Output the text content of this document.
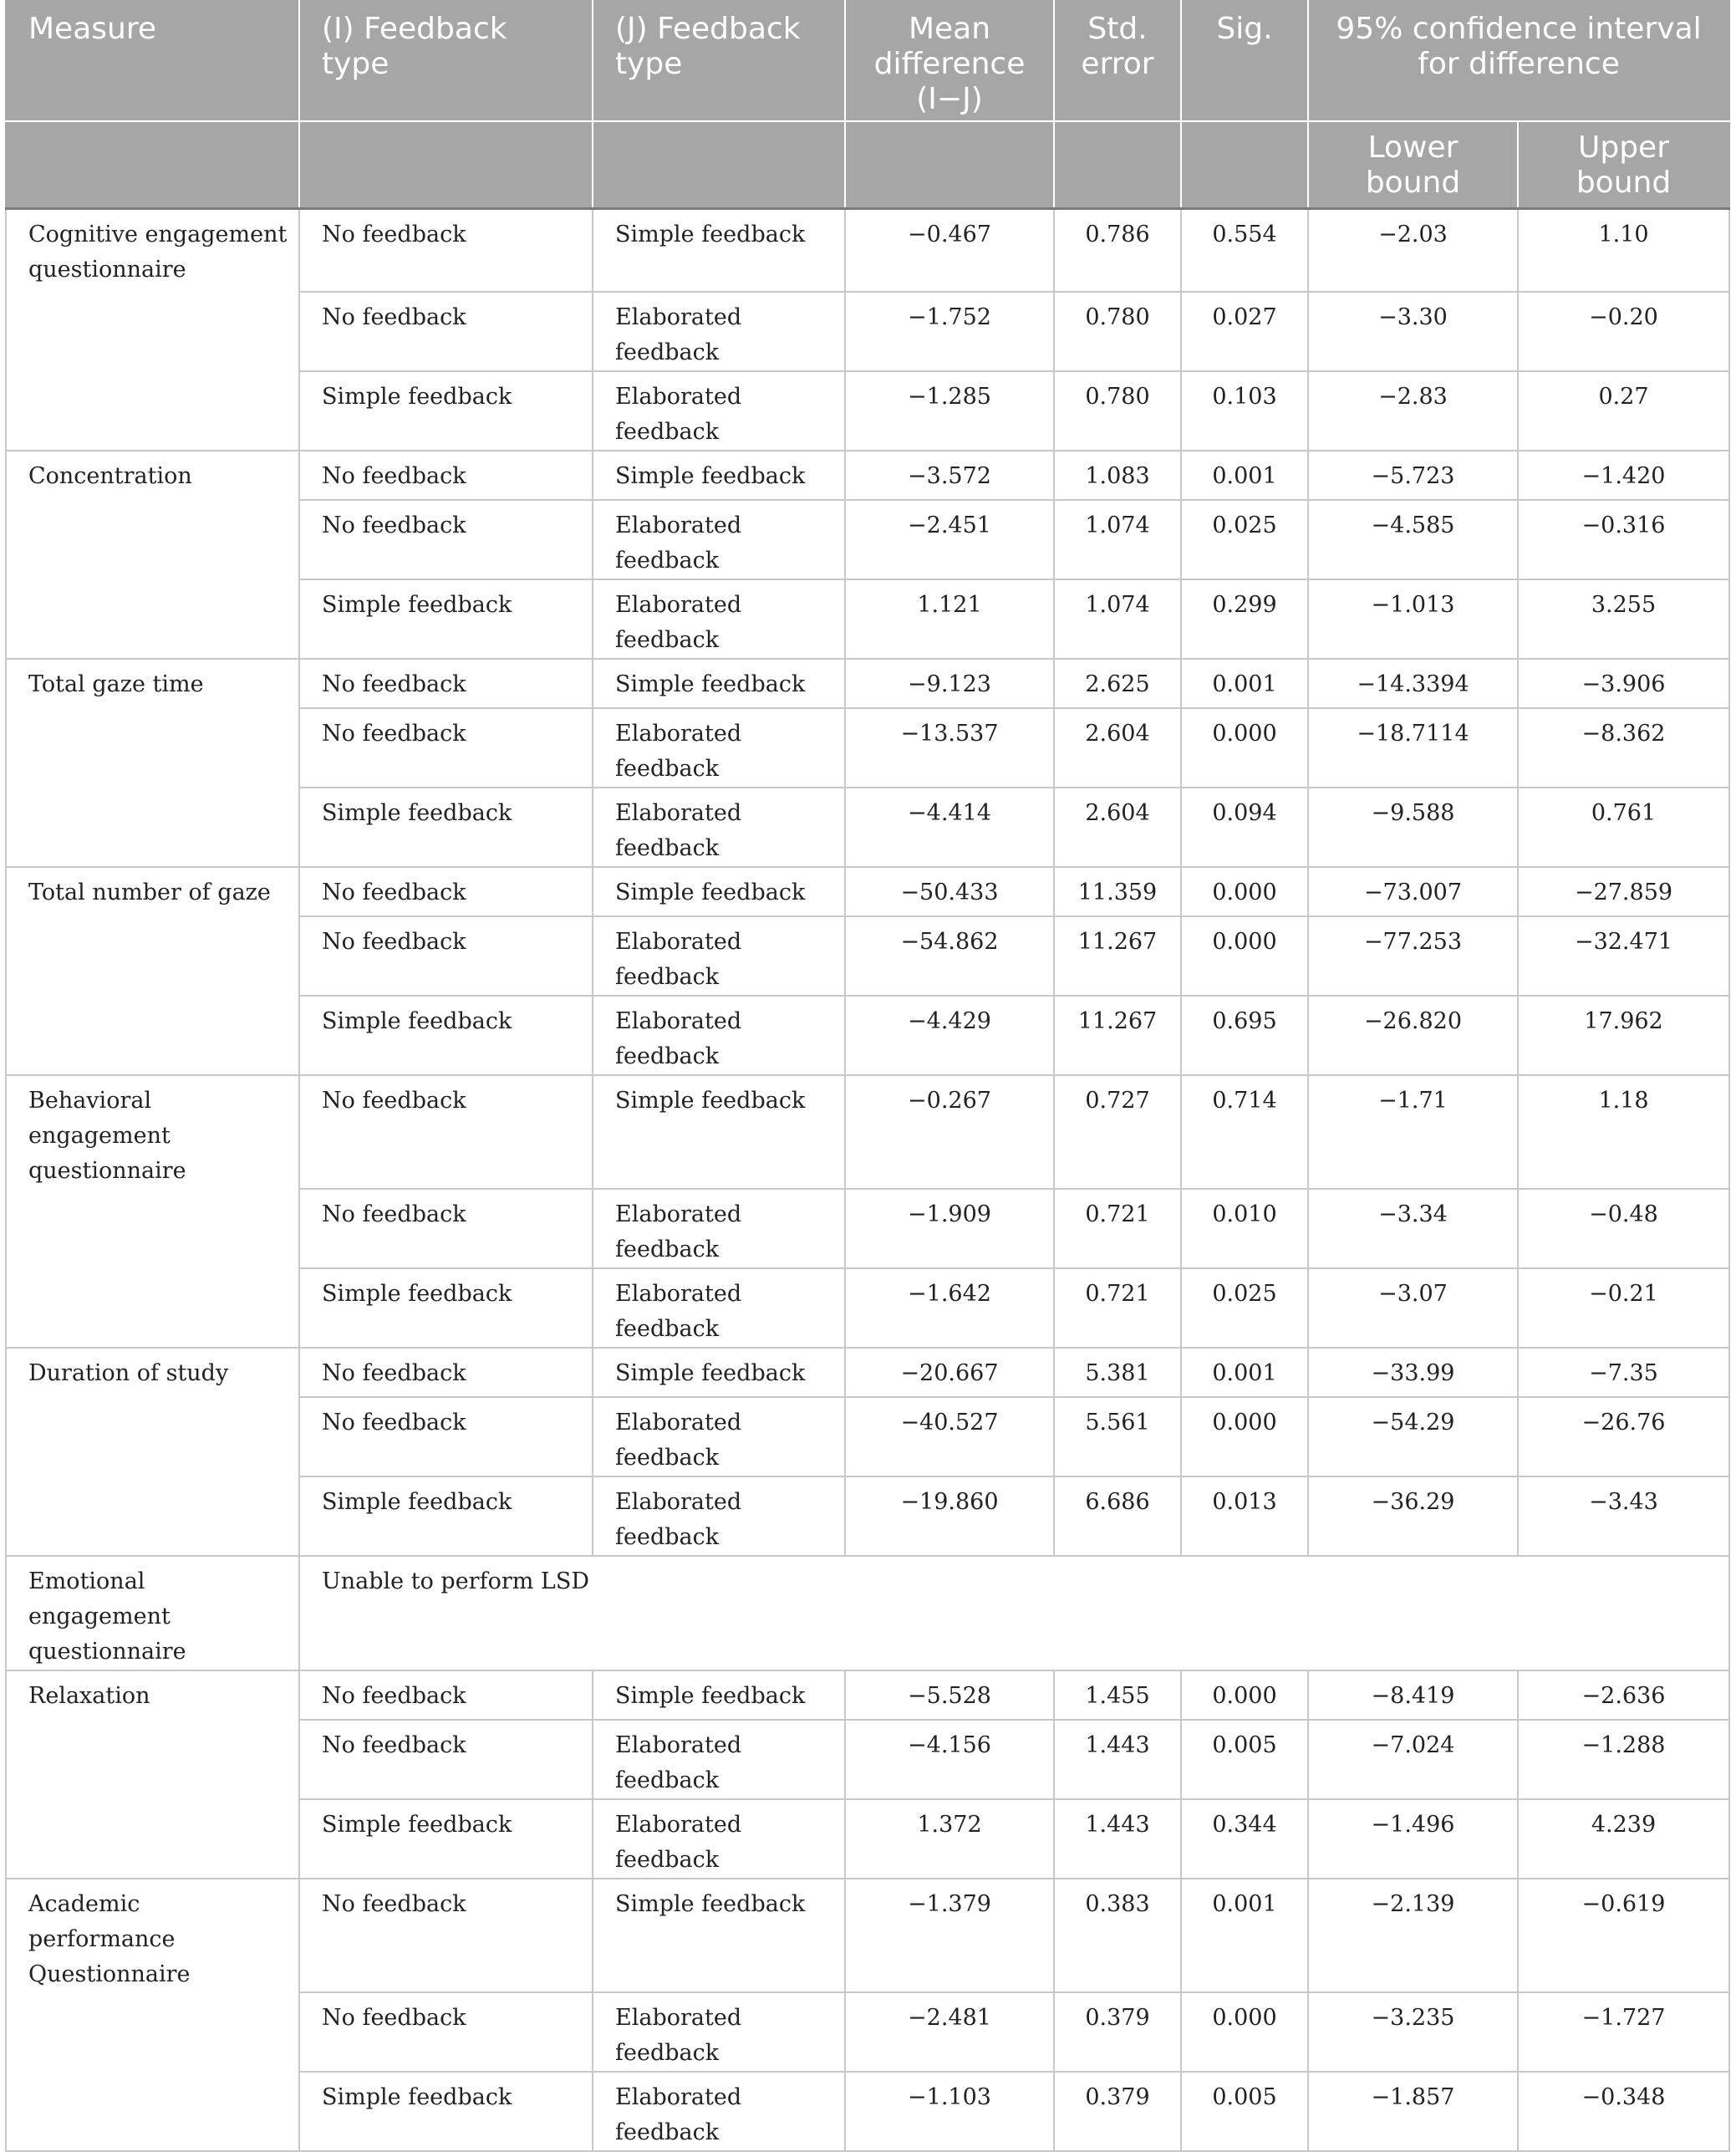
Measure	(I) Feedback type	(J) Feedback type	Mean difference (I−J)	Std. error	Sig.	95% confidence interval for difference	
						Lower bound	Upper bound
Cognitive engagement questionnaire	No feedback	Simple feedback	−0.467	0.786	0.554	−2.03	1.10
	No feedback	Elaborated feedback	−1.752	0.780	0.027	−3.30	−0.20
	Simple feedback	Elaborated feedback	−1.285	0.780	0.103	−2.83	0.27
Concentration	No feedback	Simple feedback	−3.572	1.083	0.001	−5.723	−1.420
	No feedback	Elaborated feedback	−2.451	1.074	0.025	−4.585	−0.316
	Simple feedback	Elaborated feedback	1.121	1.074	0.299	−1.013	3.255
Total gaze time	No feedback	Simple feedback	−9.123	2.625	0.001	−14.3394	−3.906
	No feedback	Elaborated feedback	−13.537	2.604	0.000	−18.7114	−8.362
	Simple feedback	Elaborated feedback	−4.414	2.604	0.094	−9.588	0.761
Total number of gaze	No feedback	Simple feedback	−50.433	11.359	0.000	−73.007	−27.859
	No feedback	Elaborated feedback	−54.862	11.267	0.000	−77.253	−32.471
	Simple feedback	Elaborated feedback	−4.429	11.267	0.695	−26.820	17.962
Behavioral engagement questionnaire	No feedback	Simple feedback	−0.267	0.727	0.714	−1.71	1.18
	No feedback	Elaborated feedback	−1.909	0.721	0.010	−3.34	−0.48
	Simple feedback	Elaborated feedback	−1.642	0.721	0.025	−3.07	−0.21
Duration of study	No feedback	Simple feedback	−20.667	5.381	0.001	−33.99	−7.35
	No feedback	Elaborated feedback	−40.527	5.561	0.000	−54.29	−26.76
	Simple feedback	Elaborated feedback	−19.860	6.686	0.013	−36.29	−3.43
Emotional engagement questionnaire	Unable to perform LSD						
Relaxation	No feedback	Simple feedback	−5.528	1.455	0.000	−8.419	−2.636
	No feedback	Elaborated feedback	−4.156	1.443	0.005	−7.024	−1.288
	Simple feedback	Elaborated feedback	1.372	1.443	0.344	−1.496	4.239
Academic performance Questionnaire	No feedback	Simple feedback	−1.379	0.383	0.001	−2.139	−0.619
	No feedback	Elaborated feedback	−2.481	0.379	0.000	−3.235	−1.727
	Simple feedback	Elaborated feedback	−1.103	0.379	0.005	−1.857	−0.348
